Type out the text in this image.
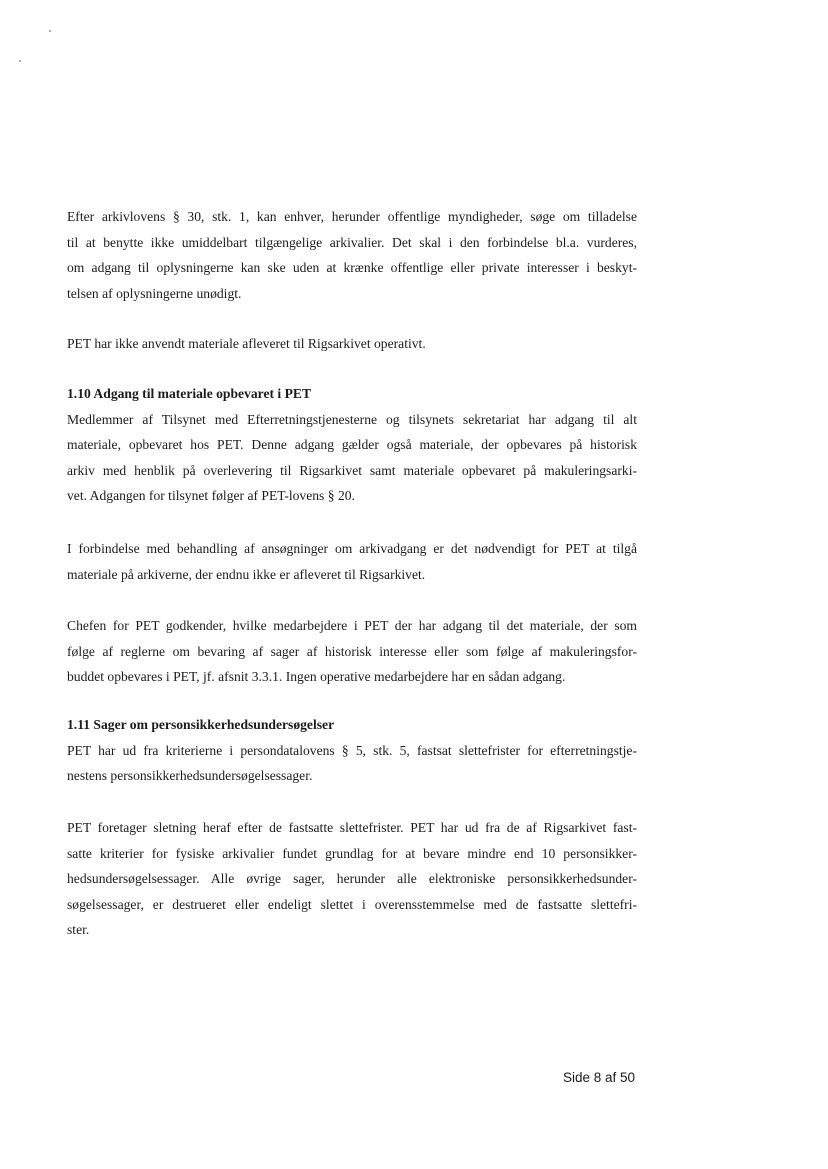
Efter arkivlovens § 30, stk. 1, kan enhver, herunder offentlige myndigheder, søge om tilladelse
til at benytte ikke umiddelbart tilgængelige arkivalier. Det skal i den forbindelse bl.a. vurderes,
om adgang til oplysningerne kan ske uden at krænke offentlige eller private interesser i beskyt-
telsen af oplysningerne unødigt.
PET har ikke anvendt materiale afleveret til Rigsarkivet operativt.
1.10 Adgang til materiale opbevaret i PET
Medlemmer af Tilsynet med Efterretningstjenesterne og tilsynets sekretariat har adgang til alt
materiale, opbevaret hos PET. Denne adgang gælder også materiale, der opbevares på historisk
arkiv med henblik på overlevering til Rigsarkivet samt materiale opbevaret på makuleringsarki-
vet. Adgangen for tilsynet følger af PET-lovens § 20.
I forbindelse med behandling af ansøgninger om arkivadgang er det nødvendigt for PET at tilgå
materiale på arkiverne, der endnu ikke er afleveret til Rigsarkivet.
Chefen for PET godkender, hvilke medarbejdere i PET der har adgang til det materiale, der som
følge af reglerne om bevaring af sager af historisk interesse eller som følge af makuleringsfor-
buddet opbevares i PET, jf. afsnit 3.3.1. Ingen operative medarbejdere har en sådan adgang.
1.11 Sager om personsikkerhedsundersøgelser
PET har ud fra kriterierne i persondatalovens § 5, stk. 5, fastsat slettefrister for efterretningstje-
nestens personsikkerhedsundersøgelsessager.
PET foretager sletning heraf efter de fastsatte slettefrister. PET har ud fra de af Rigsarkivet fast-
satte kriterier for fysiske arkivalier fundet grundlag for at bevare mindre end 10 personsikker-
hedsundersøgelsessager. Alle øvrige sager, herunder alle elektroniske personsikkerhedsunder-
søgelsessager, er destrueret eller endeligt slettet i overensstemmelse med de fastsatte slettefri-
ster.
Side 8 af 50
